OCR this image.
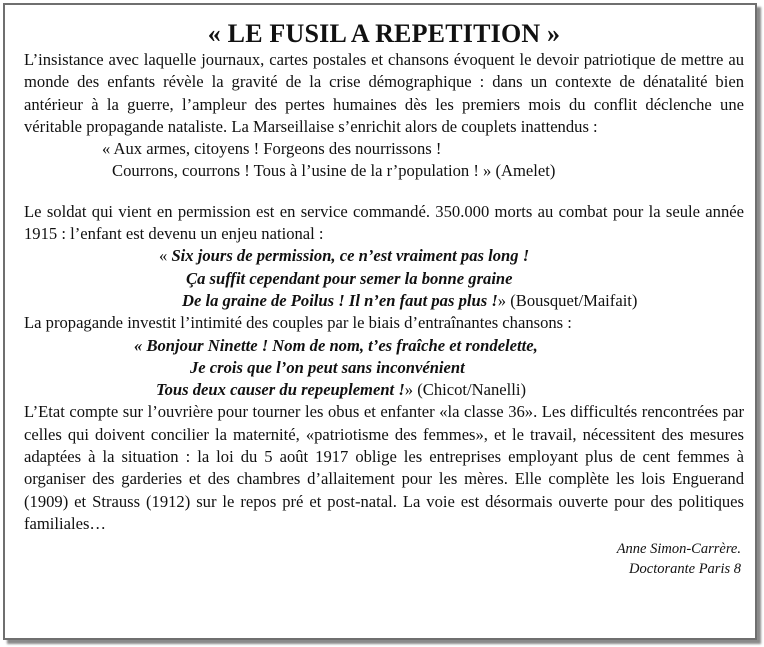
« LE FUSIL A REPETITION »

L’insistance avec laquelle journaux, cartes postales et chansons évoquent le devoir patriotique de mettre au monde des enfants révèle la gravité de la crise démographique : dans un contexte de dénatalité bien antérieur à la guerre, l’ampleur des pertes humaines dès les premiers mois du conflit déclenche une véritable propagande nataliste. La Marseillaise s’enrichit alors de couplets inattendus :

« Aux armes, citoyens ! Forgeons des nourrissons !
Courrons, courrons ! Tous à l’usine de la r’population ! » (Amelet)

Le soldat qui vient en permission est en service commandé. 350.000 morts au combat pour la seule année 1915 : l’enfant est devenu un enjeu national :

« Six jours de permission, ce n’est vraiment pas long !
Ça suffit cependant pour semer la bonne graine
De la graine de Poilus ! Il n’en faut pas plus !» (Bousquet/Maifait)

La propagande investit l’intimité des couples par le biais d’entraînantes chansons :

« Bonjour Ninette ! Nom de nom, t’es fraîche et rondelette,
Je crois que l’on peut sans inconvénient
Tous deux causer du repeuplement !» (Chicot/Nanelli)

L’Etat compte sur l’ouvrière pour tourner les obus et enfanter «la classe 36». Les difficultés rencontrées par celles qui doivent concilier la maternité, «patriotisme des femmes», et le travail, nécessitent des mesures adaptées à la situation : la loi du 5 août 1917 oblige les entreprises employant plus de cent femmes à organiser des garderies et des chambres d’allaitement pour les mères. Elle complète les lois Enguerand (1909) et Strauss (1912) sur le repos pré et post-natal. La voie est désormais ouverte pour des politiques familiales…

Anne Simon-Carrère.
Doctorante Paris 8
